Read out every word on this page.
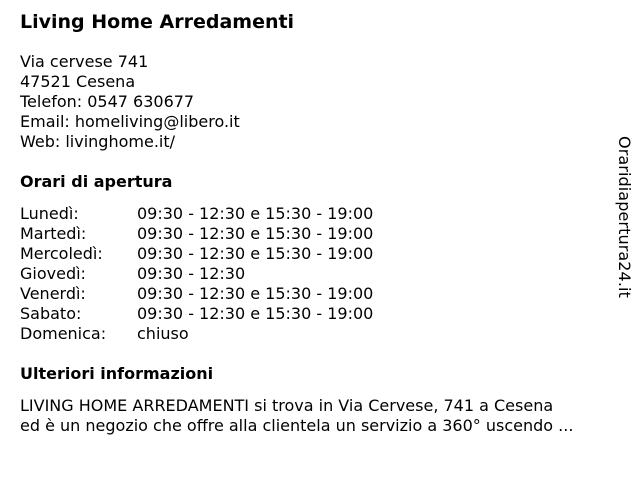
Living Home Arredamenti
Via cervese 741
47521 Cesena
Telefon: 0547 630677
Email: homeliving@libero.it
Web: livinghome.it/
Orari di apertura
Lunedì:	09:30 - 12:30 e 15:30 - 19:00
Martedì:	09:30 - 12:30 e 15:30 - 19:00
Mercoledì:	09:30 - 12:30 e 15:30 - 19:00
Giovedì:	09:30 - 12:30
Venerdì:	09:30 - 12:30 e 15:30 - 19:00
Sabato:	09:30 - 12:30 e 15:30 - 19:00
Domenica:	chiuso
Ulteriori informazioni
LIVING HOME ARREDAMENTI si trova in Via Cervese, 741 a Cesena
ed è un negozio che offre alla clientela un servizio a 360° uscendo ...
Oraridiapertura24.it
